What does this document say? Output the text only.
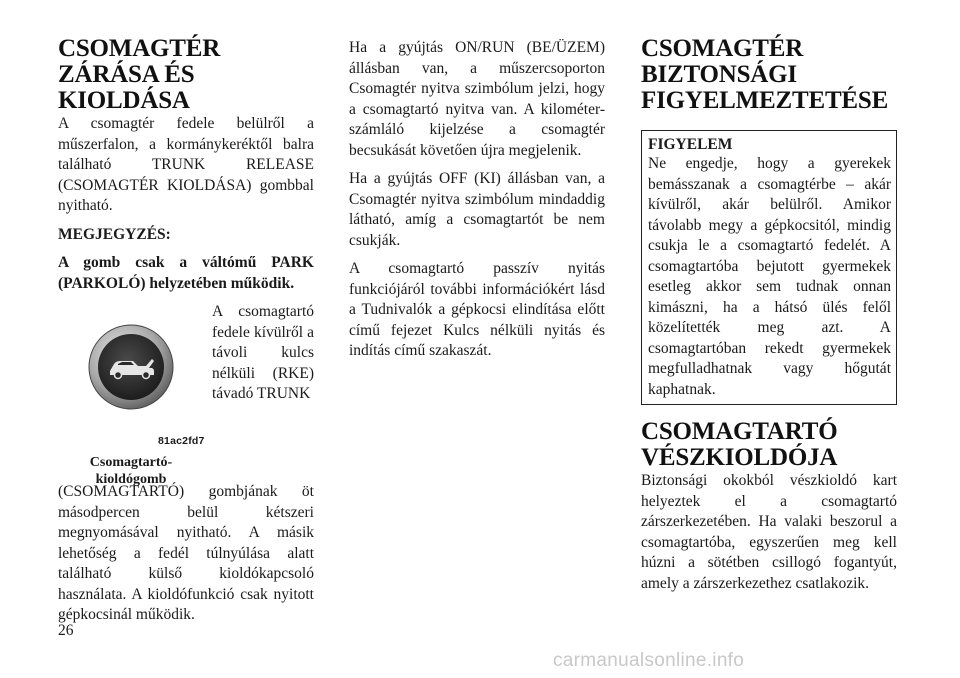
CSOMAGTÉR ZÁRÁSA ÉS KIOLDÁSA

A csomagtér fedele belülről a műszerfalon, a kormánykeréktől balra található TRUNK RELEASE (CSOMAGTÉR KIOLDÁSA) gombbal nyitható.

MEGJEGYZÉS:

A gomb csak a váltómű PARK (PARKOLÓ) helyzetében működik.

A csomagtartó fedele kívülről a távoli kulcs nélküli (RKE) távadó TRUNK
81ac2fd7
Csomagtartó-kioldógomb

(CSOMAGTARTÓ) gombjának öt másodpercen belül kétszeri megnyomásával nyitható. A másik lehetőség a fedél túlnyúlása alatt található külső kioldókapcsoló használata. A kioldófunkció csak nyitott gépkocsinál működik.

Ha a gyújtás ON/RUN (BE/ÜZEM) állásban van, a műszercsoporton Csomagtér nyitva szimbólum jelzi, hogy a csomagtartó nyitva van. A kilométer-számláló kijelzése a csomagtér becsukását követően újra megjelenik.

Ha a gyújtás OFF (KI) állásban van, a Csomagtér nyitva szimbólum mindaddig látható, amíg a csomagtartót be nem csukják.

A csomagtartó passzív nyitás funkciójáról további információkért lásd a Tudnivalók a gépkocsi elindítása előtt című fejezet Kulcs nélküli nyitás és indítás című szakaszát.

CSOMAGTÉR BIZTONSÁGI FIGYELMEZTETÉSE
FIGYELEM

Ne engedje, hogy a gyerekek bemásszanak a csomagtérbe – akár kívülről, akár belülről. Amikor távolabb megy a gépkocsitól, mindig csukja le a csomagtartó fedelét. A csomagtartóba bejutott gyermekek esetleg akkor sem tudnak onnan kimászni, ha a hátsó ülés felől közelítették meg azt. A csomagtartóban rekedt gyermekek megfulladhatnak vagy hőgutát kaphatnak.

CSOMAGTARTÓ VÉSZKIOLDÓJA

Biztonsági okokból vészkioldó kart helyeztek el a csomagtartó zárszerkezetében. Ha valaki beszorul a csomagtartóba, egyszerűen meg kell húzni a sötétben csillogó fogantyút, amely a zárszerkezethez csatlakozik.

26
carmanualsonline.info
